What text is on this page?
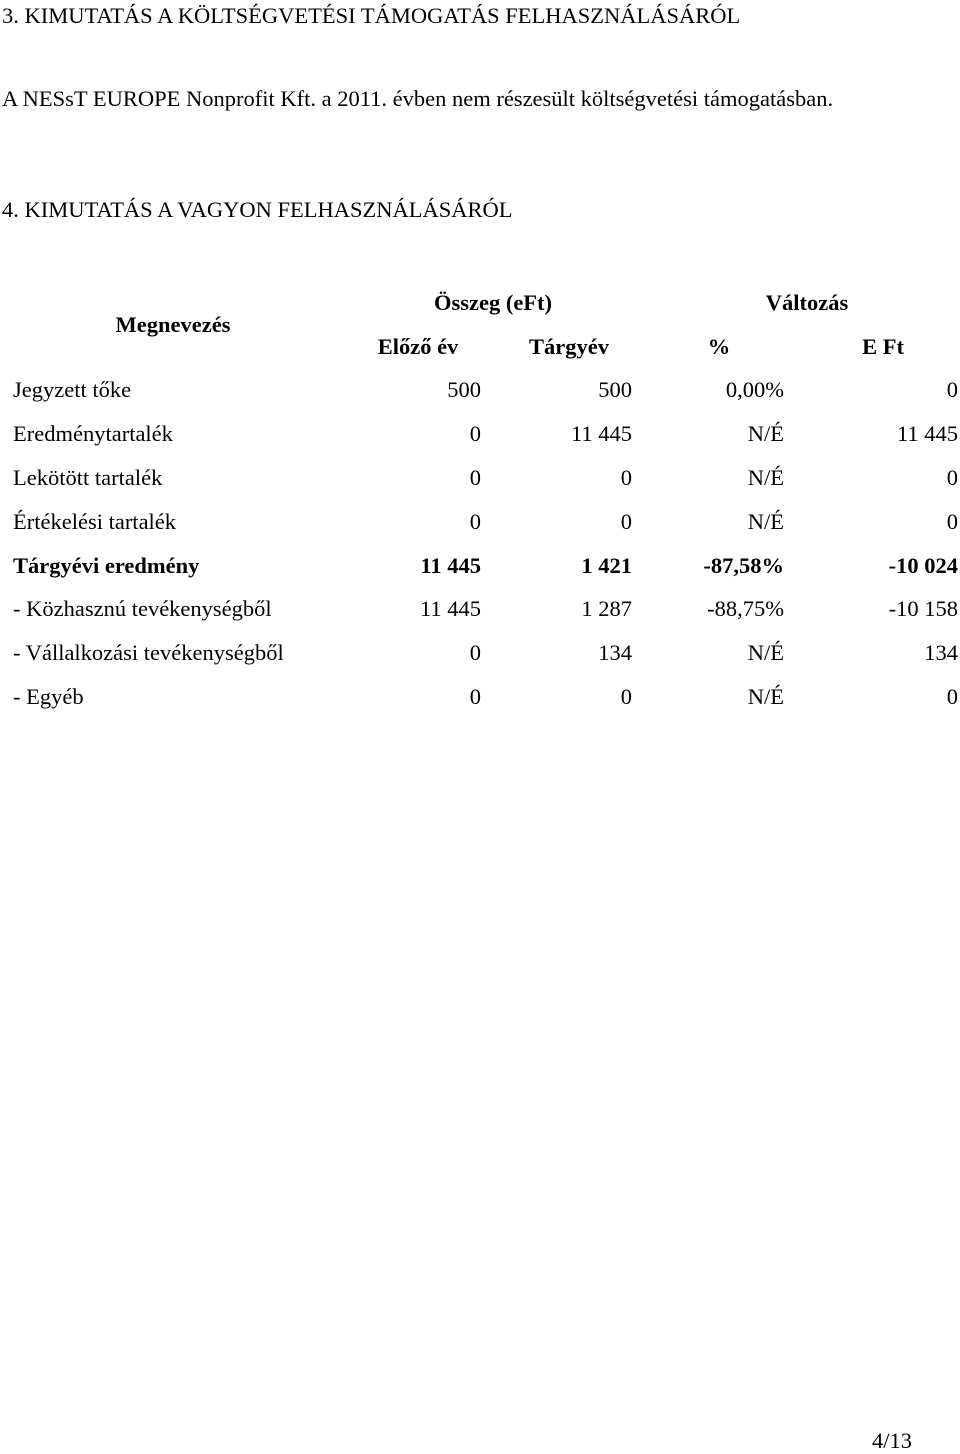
3. KIMUTATÁS A KÖLTSÉGVETÉSI TÁMOGATÁS FELHASZNÁLÁSÁRÓL
A NESsT EUROPE Nonprofit Kft. a 2011. évben nem részesült költségvetési támogatásban.
4. KIMUTATÁS A VAGYON FELHASZNÁLÁSÁRÓL
Megnevezés
Összeg (eFt)	Változás
Előző év	Tárgyév	%	E Ft
Jegyzett tőke	500	500	0,00%	0
Eredménytartalék	0	11 445	N/É	11 445
Lekötött tartalék	0	0	N/É	0
Értékelési tartalék	0	0	N/É	0
Tárgyévi eredmény	11 445	1 421	-87,58%	-10 024
- Közhasznú tevékenységből	11 445	1 287	-88,75%	-10 158
- Vállalkozási tevékenységből	0	134	N/É	134
- Egyéb	0	0	N/É	0
4/13
